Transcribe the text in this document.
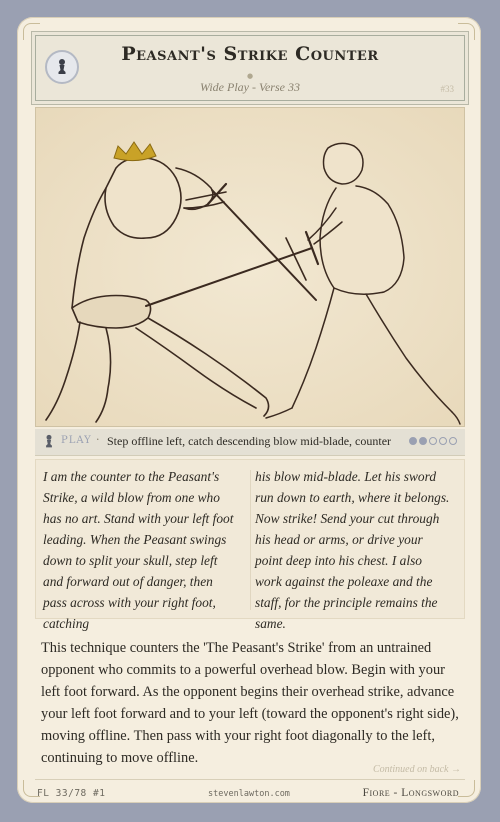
Peasant's Strike Counter
●
Wide Play - Verse 33	#33
PLAY · Step offline left, catch descending blow mid-blade, counter
I am the counter to the Peasant's Strike, a wild blow from one who has no art. Stand with your left foot leading. When the Peasant swings down to split your skull, step left and forward out of danger, then pass across with your right foot, catching
his blow mid-blade. Let his sword run down to earth, where it belongs. Now strike! Send your cut through his head or arms, or drive your point deep into his chest. I also work against the poleaxe and the staff, for the principle remains the same.
This technique counters the 'The Peasant's Strike' from an untrained opponent who commits to a powerful overhead blow. Begin with your left foot forward. As the opponent begins their overhead strike, advance your left foot forward and to your left (toward the opponent's right side), moving offline. Then pass with your right foot diagonally to the left, continuing to move offline.
Continued on back →
FL 33/78 #1	stevenlawton.com	Fiore - Longsword
